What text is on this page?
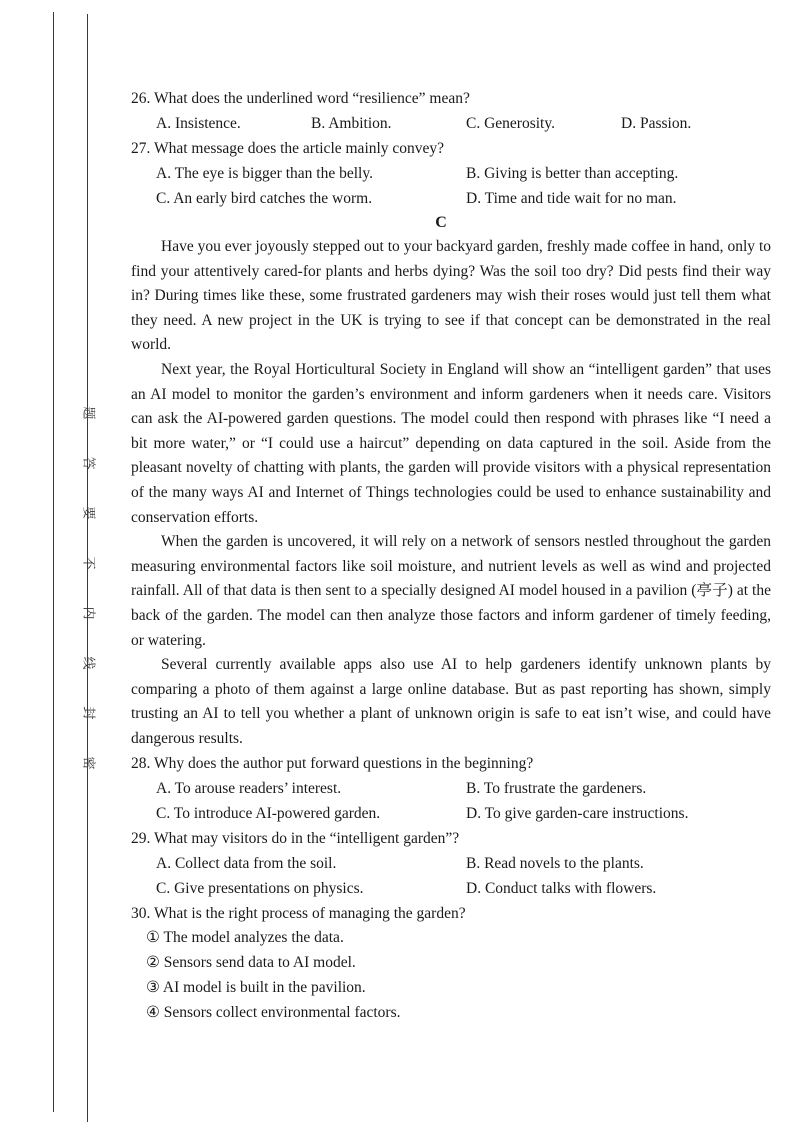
题
答
要
不
内
线
封
密
26. What does the underlined word “resilience” mean?
A. Insistence.	B. Ambition.	C. Generosity.	D. Passion.
27. What message does the article mainly convey?
A. The eye is bigger than the belly.	B. Giving is better than accepting.
C. An early bird catches the worm.	D. Time and tide wait for no man.
C

Have you ever joyously stepped out to your backyard garden, freshly made coffee in hand, only to find your attentively cared-for plants and herbs dying? Was the soil too dry? Did pests find their way in? During times like these, some frustrated gardeners may wish their roses would just tell them what they need. A new project in the UK is trying to see if that concept can be demonstrated in the real world.

Next year, the Royal Horticultural Society in England will show an “intelligent garden” that uses an AI model to monitor the garden’s environment and inform gardeners when it needs care. Visitors can ask the AI-powered garden questions. The model could then respond with phrases like “I need a bit more water,” or “I could use a haircut” depending on data captured in the soil. Aside from the pleasant novelty of chatting with plants, the garden will provide visitors with a physical representation of the many ways AI and Internet of Things technologies could be used to enhance sustainability and conservation efforts.

When the garden is uncovered, it will rely on a network of sensors nestled throughout the garden measuring environmental factors like soil moisture, and nutrient levels as well as wind and projected rainfall. All of that data is then sent to a specially designed AI model housed in a pavilion (亭子) at the back of the garden. The model can then analyze those factors and inform gardener of timely feeding, or watering.

Several currently available apps also use AI to help gardeners identify unknown plants by comparing a photo of them against a large online database. But as past reporting has shown, simply trusting an AI to tell you whether a plant of unknown origin is safe to eat isn’t wise, and could have dangerous results.

28. Why does the author put forward questions in the beginning?
A. To arouse readers’ interest.	B. To frustrate the gardeners.
C. To introduce AI-powered garden.	D. To give garden-care instructions.
29. What may visitors do in the “intelligent garden”?
A. Collect data from the soil.	B. Read novels to the plants.
C. Give presentations on physics.	D. Conduct talks with flowers.
30. What is the right process of managing the garden?
① The model analyzes the data.
② Sensors send data to AI model.
③ AI model is built in the pavilion.
④ Sensors collect environmental factors.
